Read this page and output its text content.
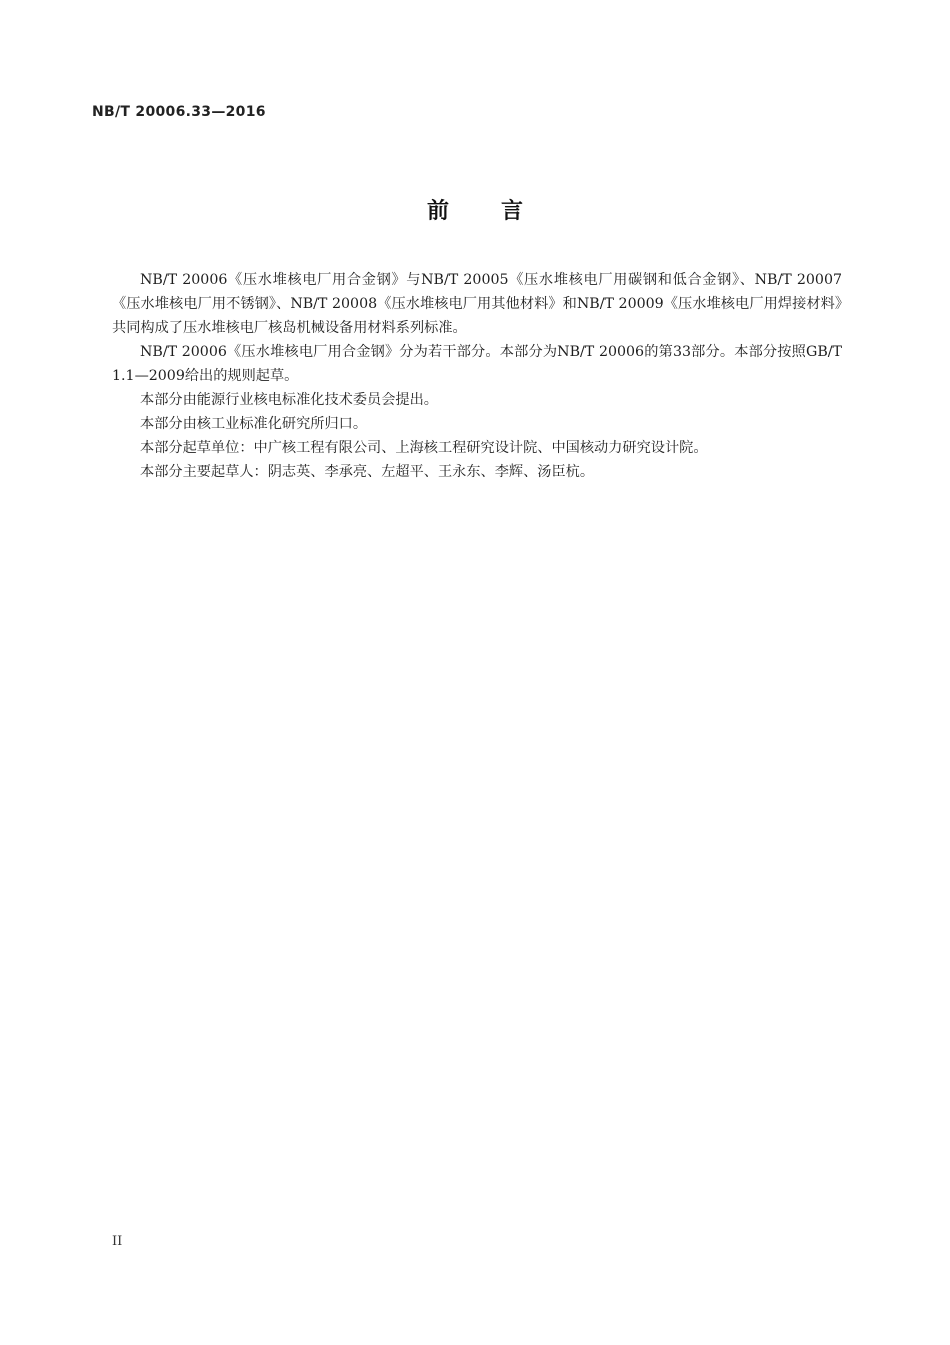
NB/T 20006.33—2016
前 言

NB/T 20006《压水堆核电厂用合金钢》与NB/T 20005《压水堆核电厂用碳钢和低合金钢》、NB/T 20007《压水堆核电厂用不锈钢》、NB/T 20008《压水堆核电厂用其他材料》和NB/T 20009《压水堆核电厂用焊接材料》共同构成了压水堆核电厂核岛机械设备用材料系列标准。

NB/T 20006《压水堆核电厂用合金钢》分为若干部分。本部分为NB/T 20006的第33部分。本部分按照GB/T 1.1—2009给出的规则起草。

本部分由能源行业核电标准化技术委员会提出。

本部分由核工业标准化研究所归口。

本部分起草单位：中广核工程有限公司、上海核工程研究设计院、中国核动力研究设计院。

本部分主要起草人：阴志英、李承亮、左超平、王永东、李辉、汤臣杭。

II
